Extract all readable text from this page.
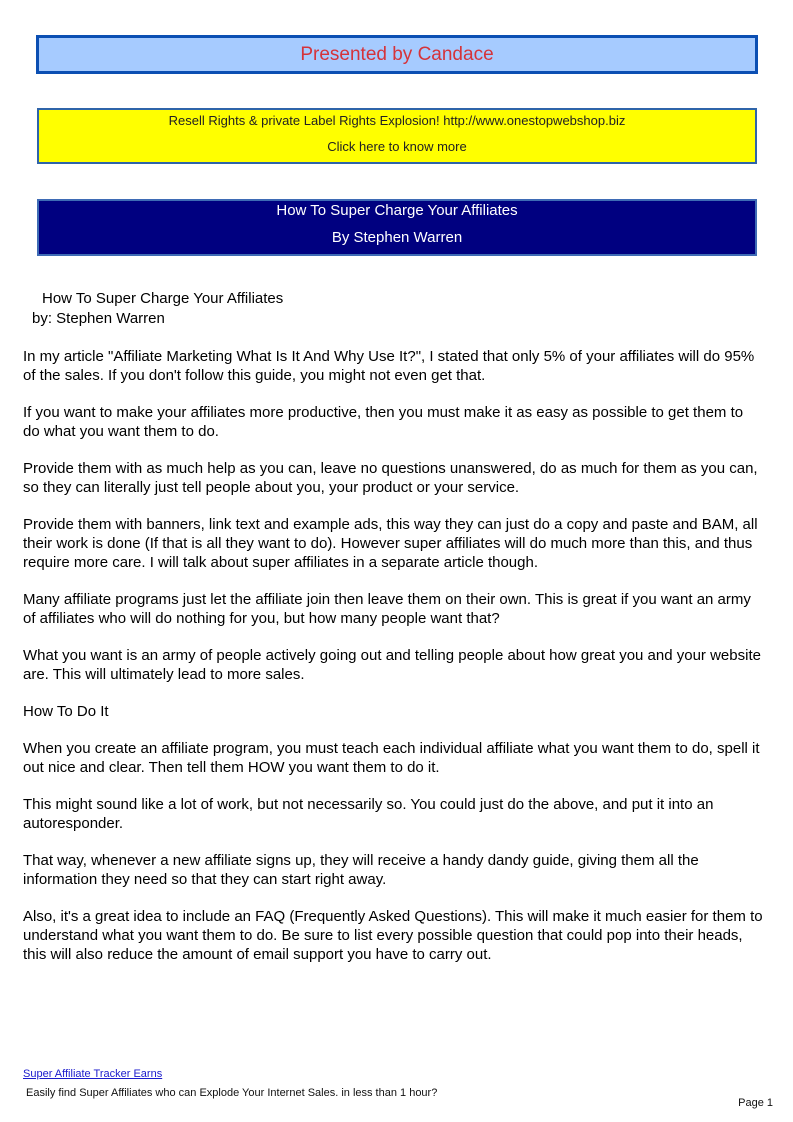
Presented by Candace
Resell Rights & private Label Rights Explosion! http://www.onestopwebshop.biz
Click here to know more
How To Super Charge Your Affiliates
By Stephen Warren
How To Super Charge Your Affiliates
by: Stephen Warren

In my article "Affiliate Marketing What Is It And Why Use It?", I stated that only 5% of your affiliates will do 95% of the sales. If you don't follow this guide, you might not even get that.

If you want to make your affiliates more productive, then you must make it as easy as possible to get them to do what you want them to do.

Provide them with as much help as you can, leave no questions unanswered, do as much for them as you can, so they can literally just tell people about you, your product or your service.

Provide them with banners, link text and example ads, this way they can just do a copy and paste and BAM, all their work is done (If that is all they want to do). However super affiliates will do much more than this, and thus require more care. I will talk about super affiliates in a separate article though.

Many affiliate programs just let the affiliate join then leave them on their own. This is great if you want an army of affiliates who will do nothing for you, but how many people want that?

What you want is an army of people actively going out and telling people about how great you and your website are. This will ultimately lead to more sales.

How To Do It

When you create an affiliate program, you must teach each individual affiliate what you want them to do, spell it out nice and clear. Then tell them HOW you want them to do it.

This might sound like a lot of work, but not necessarily so. You could just do the above, and put it into an autoresponder.

That way, whenever a new affiliate signs up, they will receive a handy dandy guide, giving them all the information they need so that they can start right away.

Also, it's a great idea to include an FAQ (Frequently Asked Questions). This will make it much easier for them to understand what you want them to do. Be sure to list every possible question that could pop into their heads, this will also reduce the amount of email support you have to carry out.

Super Affiliate Tracker Earns
Easily find Super Affiliates who can Explode Your Internet Sales. in less than 1 hour?
Page 1
